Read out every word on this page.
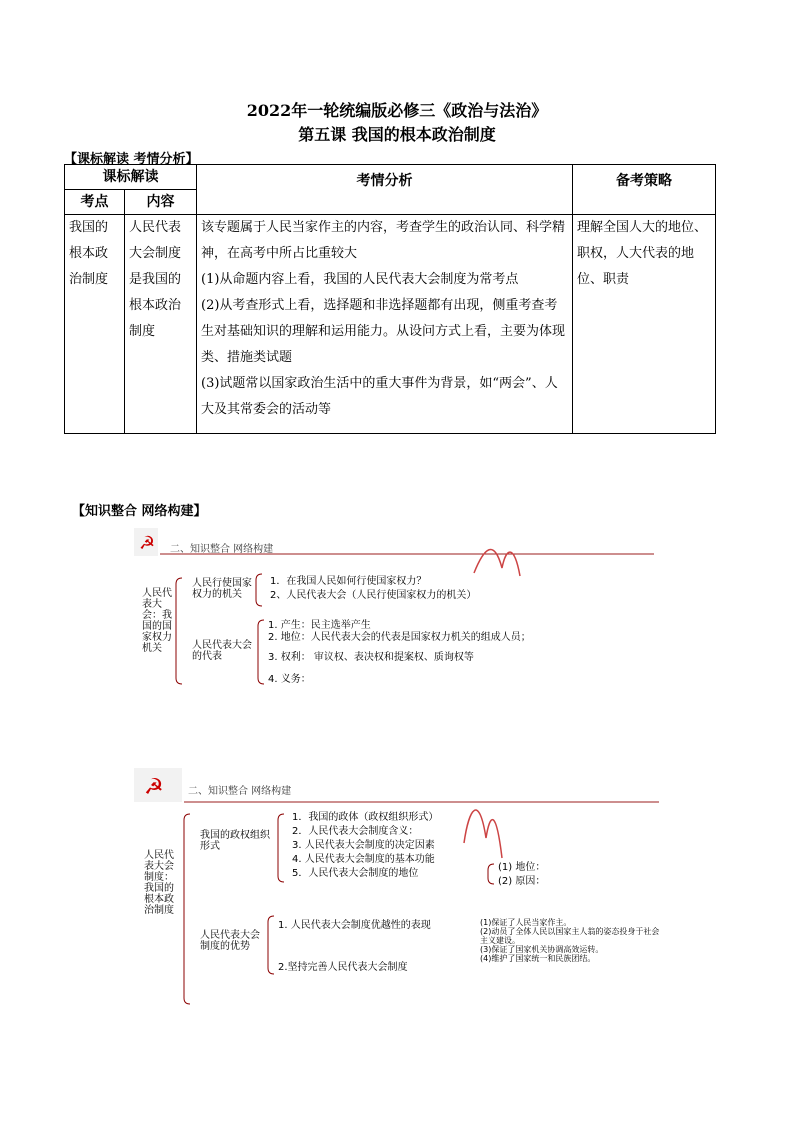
2022年一轮统编版必修三《政治与法治》
第五课 我国的根本政治制度
【课标解读 考情分析】
课标解读		考情分析	备考策略
考点	内容		
我国的根本政治制度	人民代表大会制度是我国的根本政治制度	该专题属于人民当家作主的内容，考查学生的政治认同、科学精神，在高考中所占比重较大
(1)从命题内容上看，我国的人民代表大会制度为常考点
(2)从考查形式上看，选择题和非选择题都有出现，侧重考查考生对基础知识的理解和运用能力。从设问方式上看，主要为体现类、措施类试题
(3)试题常以国家政治生活中的重大事件为背景，如“两会”、人大及其常委会的活动等	理解全国人大的地位、职权，人大代表的地位、职责
【知识整合 网络构建】
☭ 二、知识整合 网络构建
人民代表大会：我国的国家权力机关
人民行使国家权力的机关
1．在我国人民如何行使国家权力？
2、人民代表大会（人民行使国家权力的机关）
人民代表大会的代表
1. 产生：民主选举产生
2. 地位：人民代表大会的代表是国家权力机关的组成人员；
3. 权利： 审议权、表决权和提案权、质询权等
4. 义务：
☭ 二、知识整合 网络构建
人民代表大会制度：我国的根本政治制度
我国的政权组织形式
1．我国的政体（政权组织形式）
2．人民代表大会制度含义：
3. 人民代表大会制度的决定因素
4. 人民代表大会制度的基本功能
5．人民代表大会制度的地位
(1) 地位：
(2) 原因：
人民代表大会制度的优势
1. 人民代表大会制度优越性的表现
2.坚持完善人民代表大会制度
(1)保证了人民当家作主。
(2)动员了全体人民以国家主人翁的姿态投身于社会主义建设。
(3)保证了国家机关协调高效运转。
(4)维护了国家统一和民族团结。
